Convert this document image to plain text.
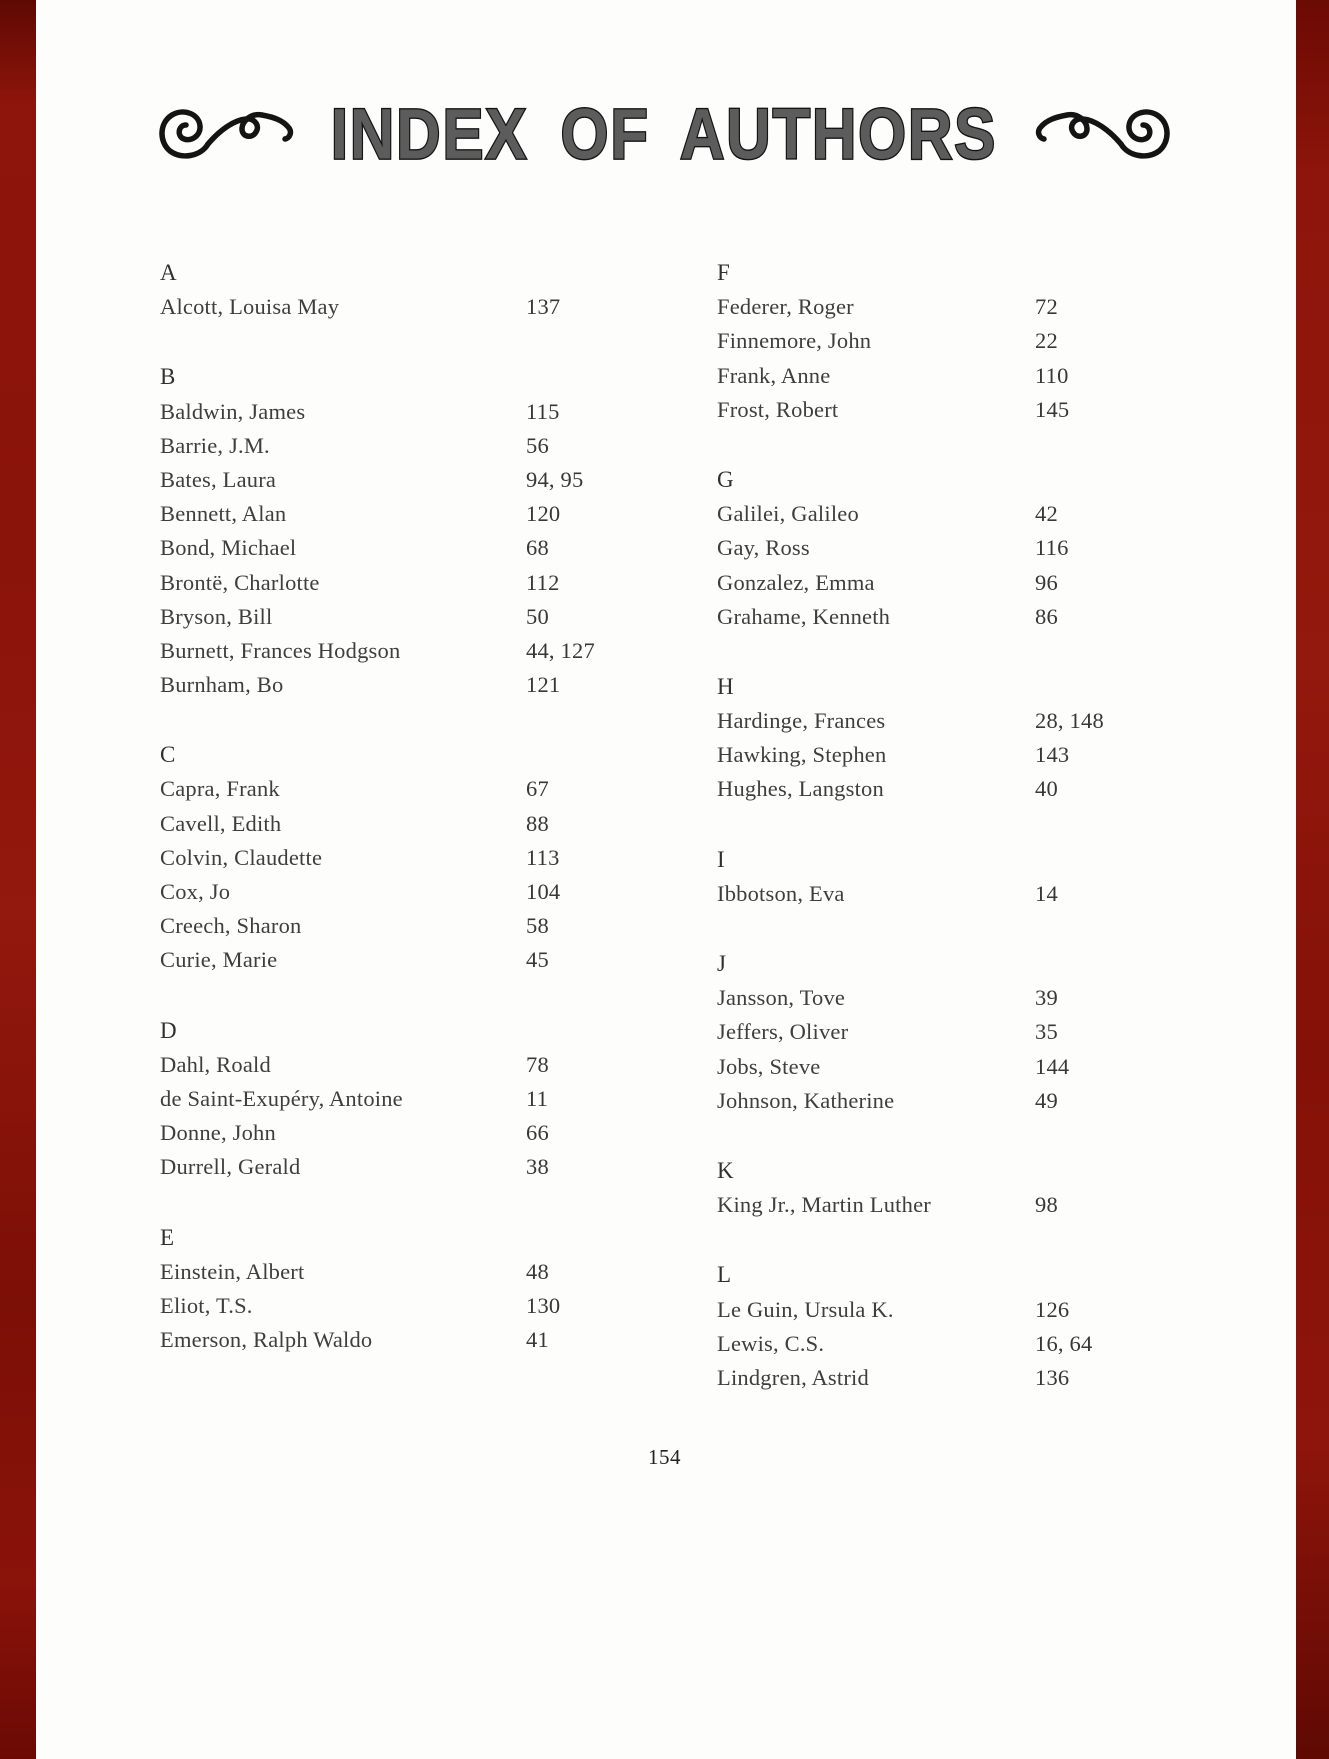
INDEX OF AUTHORS
A
Alcott, Louisa May	137
B
Baldwin, James	115
Barrie, J.M.	56
Bates, Laura	94, 95
Bennett, Alan	120
Bond, Michael	68
Brontë, Charlotte	112
Bryson, Bill	50
Burnett, Frances Hodgson	44, 127
Burnham, Bo	121
C
Capra, Frank	67
Cavell, Edith	88
Colvin, Claudette	113
Cox, Jo	104
Creech, Sharon	58
Curie, Marie	45
D
Dahl, Roald	78
de Saint-Exupéry, Antoine	11
Donne, John	66
Durrell, Gerald	38
E
Einstein, Albert	48
Eliot, T.S.	130
Emerson, Ralph Waldo	41
F
Federer, Roger	72
Finnemore, John	22
Frank, Anne	110
Frost, Robert	145
G
Galilei, Galileo	42
Gay, Ross	116
Gonzalez, Emma	96
Grahame, Kenneth	86
H
Hardinge, Frances	28, 148
Hawking, Stephen	143
Hughes, Langston	40
I
Ibbotson, Eva	14
J
Jansson, Tove	39
Jeffers, Oliver	35
Jobs, Steve	144
Johnson, Katherine	49
K
King Jr., Martin Luther	98
L
Le Guin, Ursula K.	126
Lewis, C.S.	16, 64
Lindgren, Astrid	136
154
